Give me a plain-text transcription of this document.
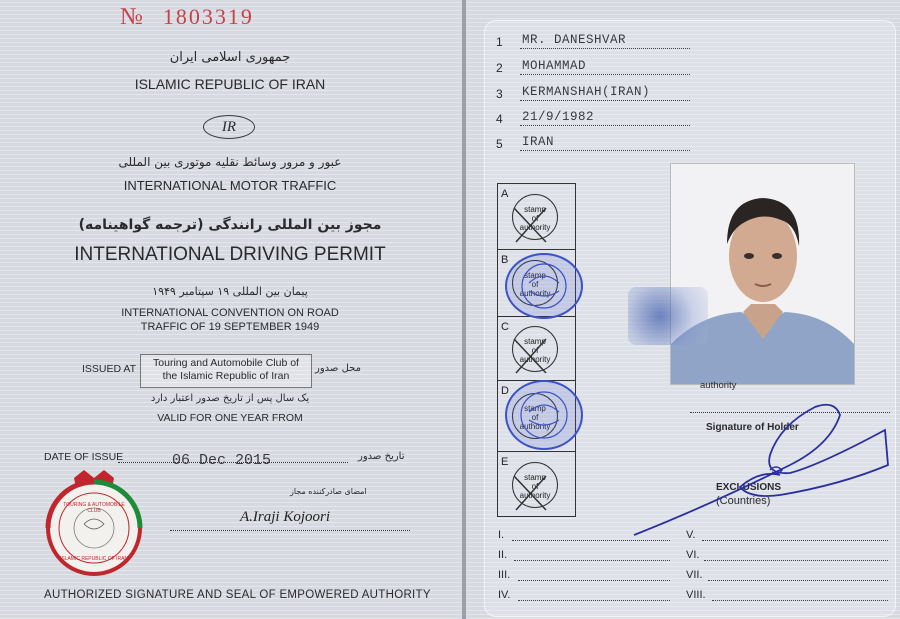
№ 1803319
جمهوری اسلامی ایران
ISLAMIC REPUBLIC OF IRAN
IR
عبور و مرور وسائط نقلیه موتوری بین المللی
INTERNATIONAL MOTOR TRAFFIC
مجوز بین المللی رانندگی (ترجمه گواهینامه)
INTERNATIONAL DRIVING PERMIT
پیمان بین المللی ۱۹ سپتامبر ۱۹۴۹
INTERNATIONAL CONVENTION ON ROAD
TRAFFIC OF 19 SEPTEMBER 1949
ISSUED AT	Touring and Automobile Club of
the Islamic Republic of Iran
محل صدور
یک سال پس از تاریخ صدور اعتبار دارد
VALID FOR ONE YEAR FROM
DATE OF ISSUE	06 Dec 2015	تاریخ صدور
امضای صادرکننده مجاز
A.Iraji Kojoori
TOURING & AUTOMOBILE CLUB
ISLAMIC REPUBLIC OF IRAN
AUTHORIZED SIGNATURE AND SEAL OF EMPOWERED AUTHORITY
1 MR. DANESHVAR
2 MOHAMMAD
3 KERMANSHAH(IRAN)
4 21/9/1982
5 IRAN
A
stamp
of
authority
B
stamp
of
authority
C
stamp
of
authority
D
stamp
of
authority
E
stamp
of
authority
authority
Signature of Holder
EXCLUSIONS
(Countries)
I.
II.
III.
IV.
V.
VI.
VII.
VIII.
